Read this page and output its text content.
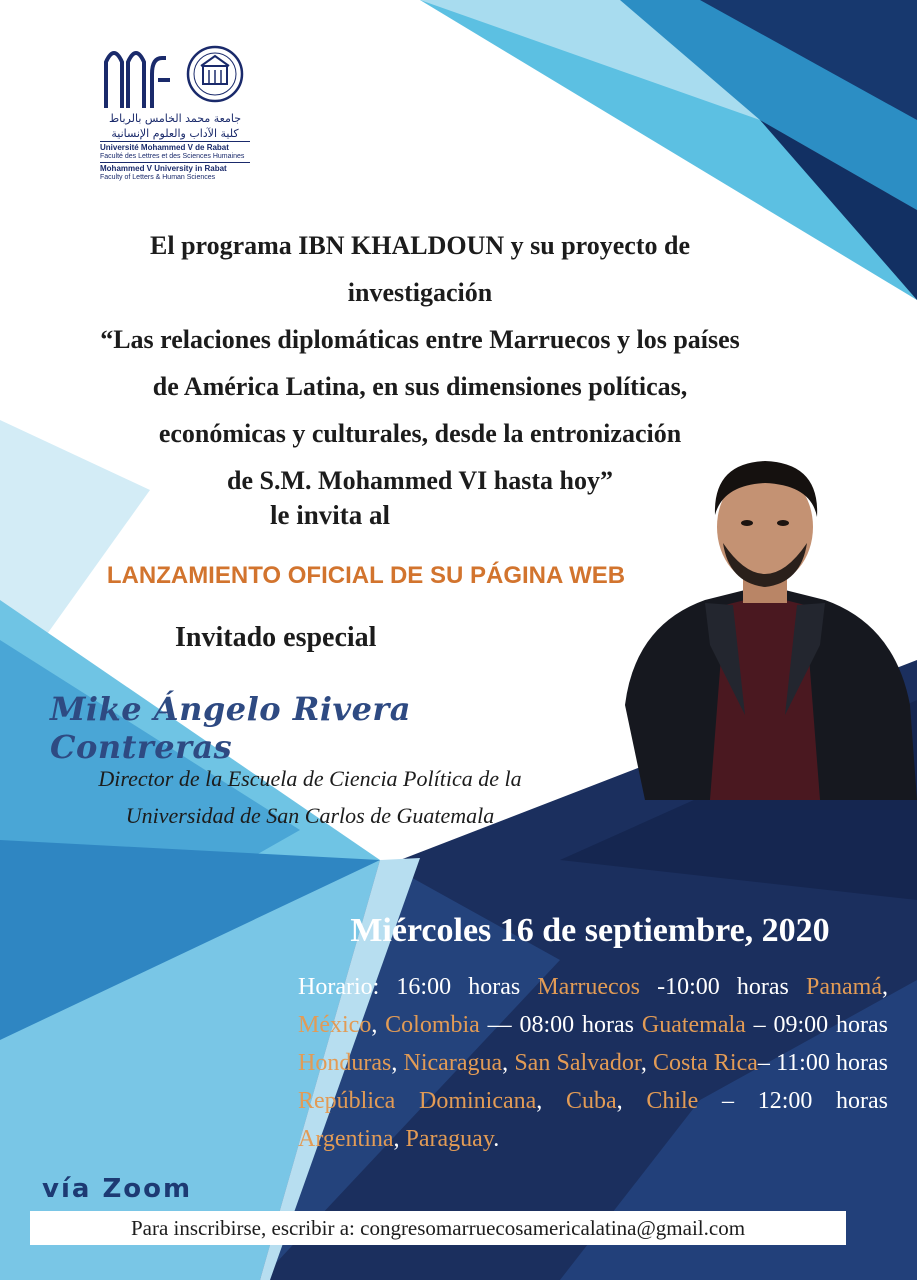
جامعة محمد الخامس بالرباط
كلية الآداب والعلوم الإنسانية
Université Mohammed V de Rabat
Faculté des Lettres et des Sciences Humaines
Mohammed V University in Rabat
Faculty of Letters & Human Sciences
El programa IBN KHALDOUN y su proyecto de
investigación
“Las relaciones diplomáticas entre Marruecos y los países
de América Latina, en sus dimensiones políticas,
económicas y culturales, desde la entronización
de S.M. Mohammed VI hasta hoy”
le invita al
LANZAMIENTO OFICIAL DE SU PÁGINA WEB
Invitado especial
Mike Ángelo Rivera Contreras
Director de la Escuela de Ciencia Política de la
Universidad de San Carlos de Guatemala
Miércoles 16 de septiembre, 2020
Horario: 16:00 horas Marruecos -10:00 horas Panamá, México, Colombia — 08:00 horas Guatemala – 09:00 horas Honduras, Nicaragua, San Salvador, Costa Rica– 11:00 horas República Dominicana, Cuba, Chile – 12:00 horas Argentina, Paraguay.
vía Zoom
Para inscribirse, escribir a: congresomarruecosamericalatina@gmail.com
